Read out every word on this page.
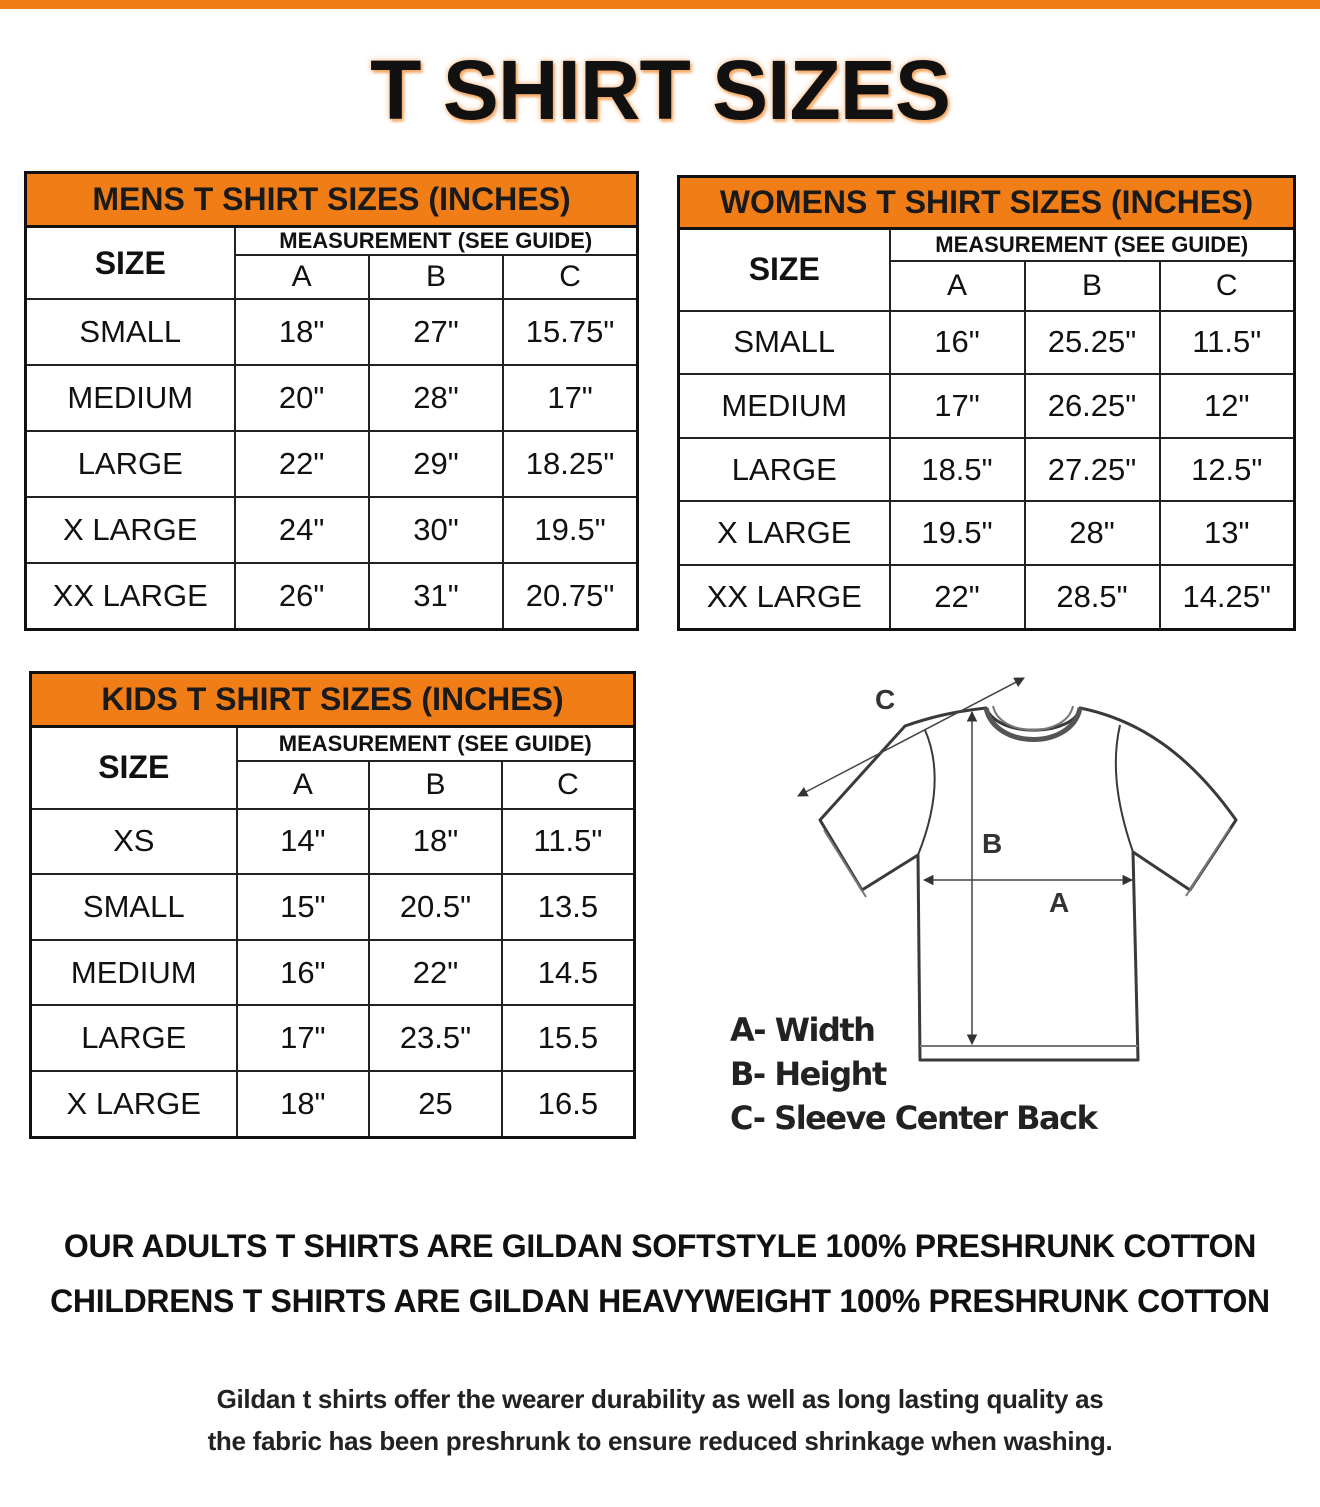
T SHIRT SIZES
MENS T SHIRT SIZES (INCHES)			
SIZE	MEASUREMENT (SEE GUIDE)		
	A	B	C
SMALL	18"	27"	15.75"
MEDIUM	20"	28"	17"
LARGE	22"	29"	18.25"
X LARGE	24"	30"	19.5"
XX LARGE	26"	31"	20.75"
WOMENS T SHIRT SIZES (INCHES)			
SIZE	MEASUREMENT (SEE GUIDE)		
	A	B	C
SMALL	16"	25.25"	11.5"
MEDIUM	17"	26.25"	12"
LARGE	18.5"	27.25"	12.5"
X LARGE	19.5"	28"	13"
XX LARGE	22"	28.5"	14.25"
KIDS T SHIRT SIZES (INCHES)			
SIZE	MEASUREMENT (SEE GUIDE)		
	A	B	C
XS	14"	18"	11.5"
SMALL	15"	20.5"	13.5
MEDIUM	16"	22"	14.5
LARGE	17"	23.5"	15.5
X LARGE	18"	25	16.5
C
B
A
A- Width
B- Height
C- Sleeve Center Back
OUR ADULTS T SHIRTS ARE GILDAN SOFTSTYLE 100% PRESHRUNK COTTON
CHILDRENS T SHIRTS ARE GILDAN HEAVYWEIGHT 100% PRESHRUNK COTTON
Gildan t shirts offer the wearer durability as well as long lasting quality as
the fabric has been preshrunk to ensure reduced shrinkage when washing.
